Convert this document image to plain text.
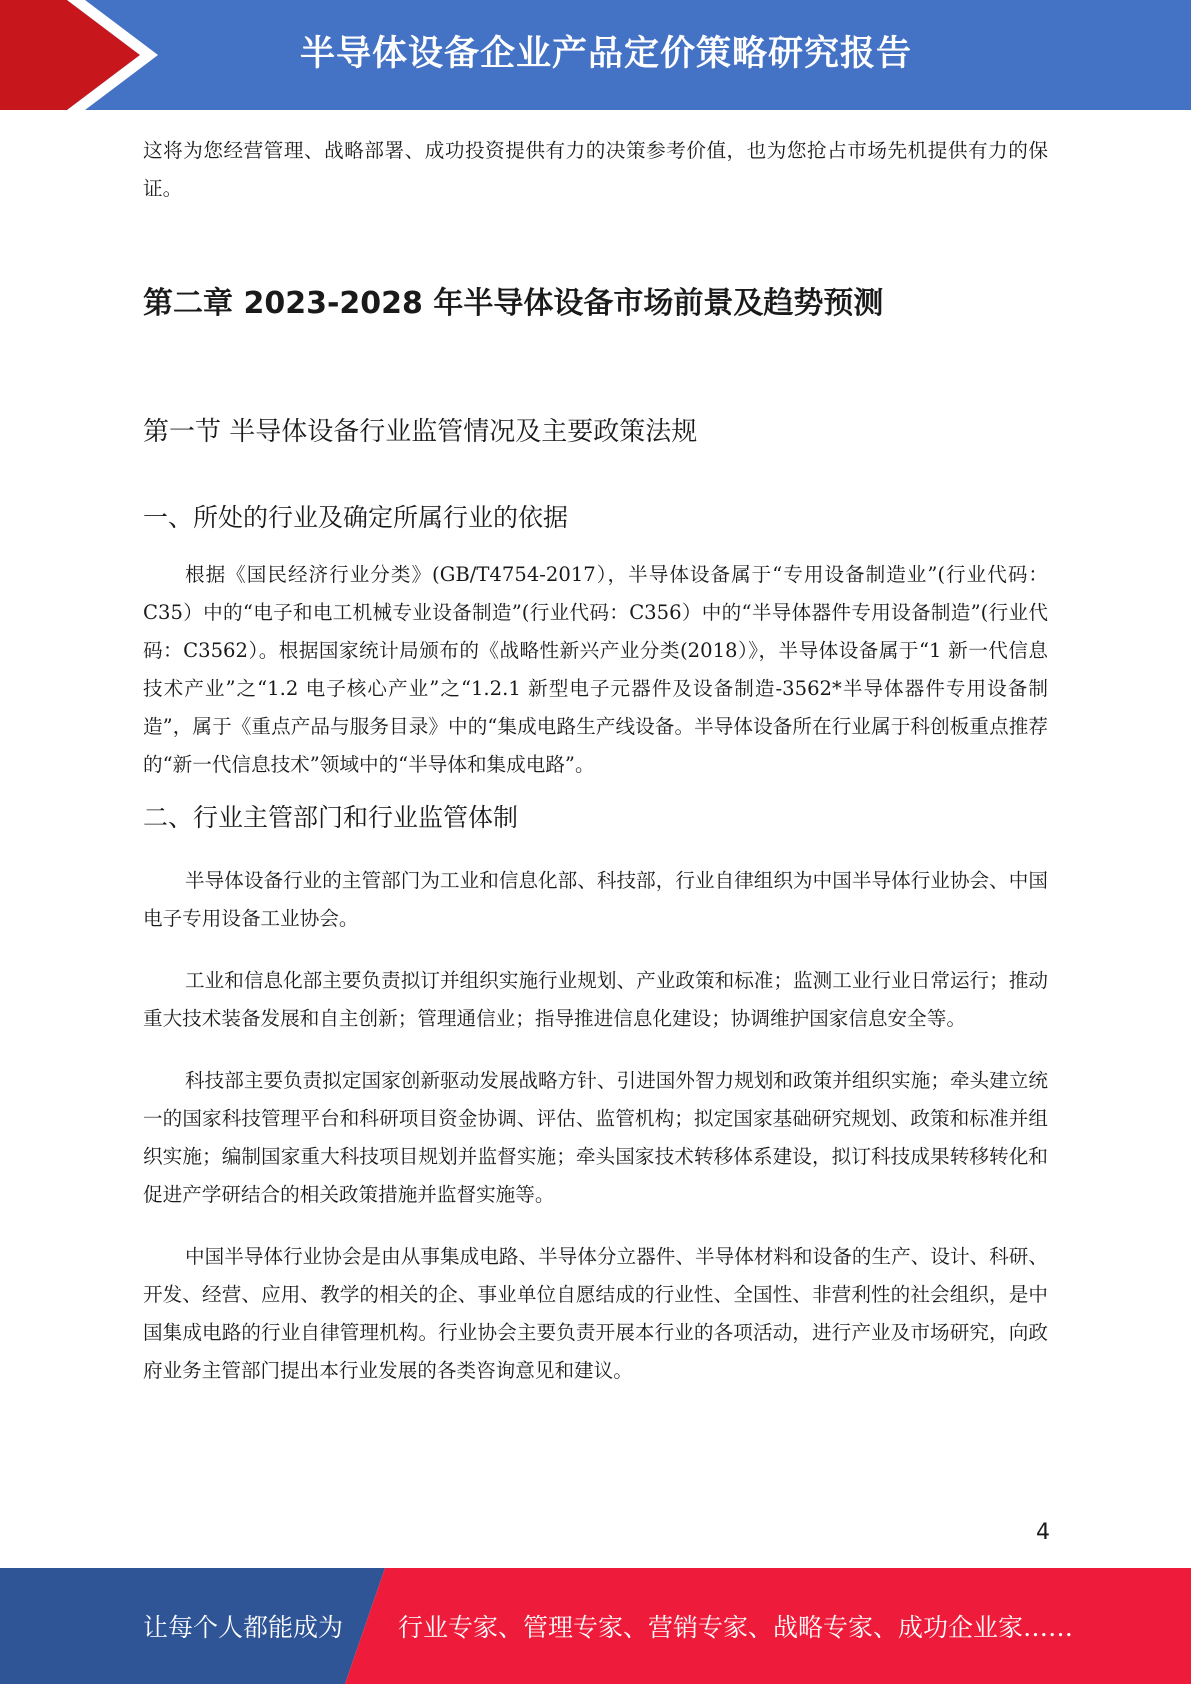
半导体设备企业产品定价策略研究报告

这将为您经营管理、战略部署、成功投资提供有力的决策参考价值，也为您抢占市场先机提供有力的保证。

第二章 2023-2028 年半导体设备市场前景及趋势预测
第一节 半导体设备行业监管情况及主要政策法规
一、所处的行业及确定所属行业的依据

根据《国民经济行业分类》(GB/T4754-2017），半导体设备属于“专用设备制造业”(行业代码：C35）中的“电子和电工机械专业设备制造”(行业代码：C356）中的“半导体器件专用设备制造”(行业代码：C3562）。根据国家统计局颁布的《战略性新兴产业分类(2018）》，半导体设备属于“1 新一代信息技术产业”之“1.2 电子核心产业”之“1.2.1 新型电子元器件及设备制造-3562*半导体器件专用设备制造”，属于《重点产品与服务目录》中的“集成电路生产线设备。半导体设备所在行业属于科创板重点推荐的“新一代信息技术”领域中的“半导体和集成电路”。

二、行业主管部门和行业监管体制

半导体设备行业的主管部门为工业和信息化部、科技部，行业自律组织为中国半导体行业协会、中国电子专用设备工业协会。

工业和信息化部主要负责拟订并组织实施行业规划、产业政策和标准；监测工业行业日常运行；推动重大技术装备发展和自主创新；管理通信业；指导推进信息化建设；协调维护国家信息安全等。

科技部主要负责拟定国家创新驱动发展战略方针、引进国外智力规划和政策并组织实施；牵头建立统一的国家科技管理平台和科研项目资金协调、评估、监管机构；拟定国家基础研究规划、政策和标准并组织实施；编制国家重大科技项目规划并监督实施；牵头国家技术转移体系建设，拟订科技成果转移转化和促进产学研结合的相关政策措施并监督实施等。

中国半导体行业协会是由从事集成电路、半导体分立器件、半导体材料和设备的生产、设计、科研、开发、经营、应用、教学的相关的企、事业单位自愿结成的行业性、全国性、非营利性的社会组织，是中国集成电路的行业自律管理机构。行业协会主要负责开展本行业的各项活动，进行产业及市场研究，向政府业务主管部门提出本行业发展的各类咨询意见和建议。

4
让每个人都能成为 行业专家、管理专家、营销专家、战略专家、成功企业家……
